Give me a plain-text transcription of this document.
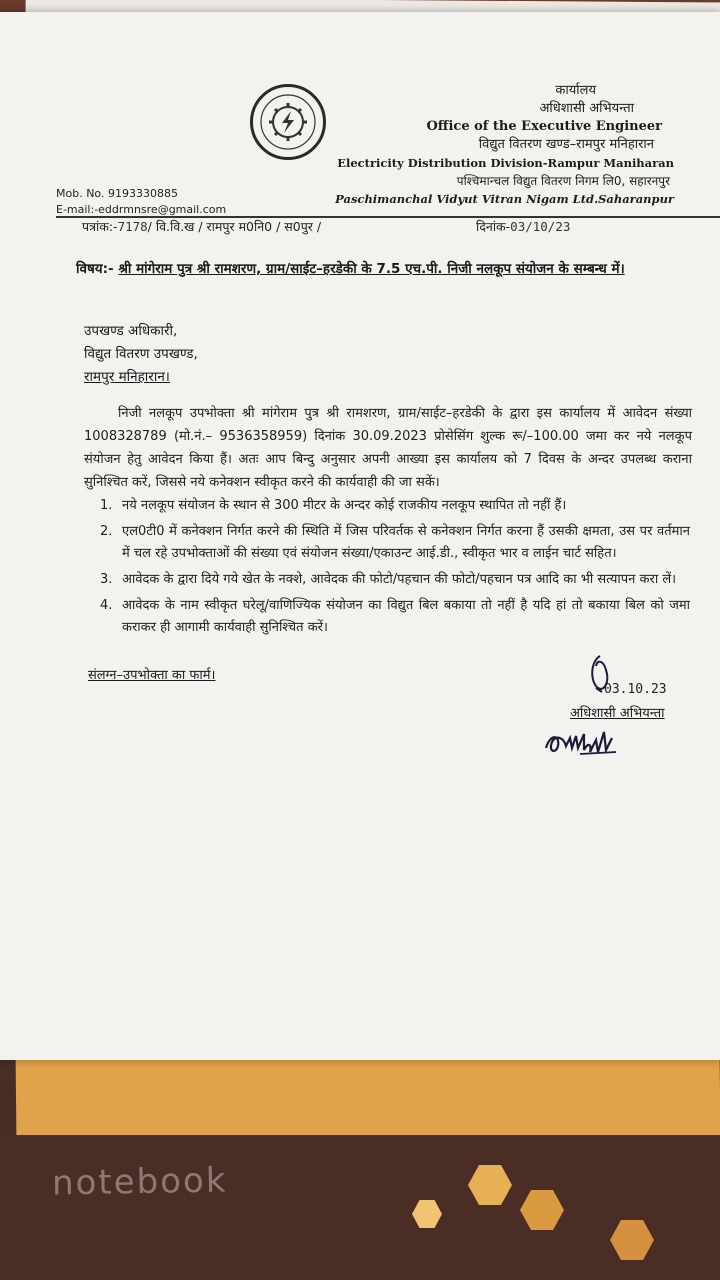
notebook
कार्यालय
अधिशासी अभियन्ता
Office of the Executive Engineer
विद्युत वितरण खण्ड–रामपुर मनिहारान
Electricity Distribution Division-Rampur Maniharan
पश्चिमान्चल विद्युत वितरण निगम लि0, सहारनपुर
Paschimanchal Vidyut Vitran Nigam Ltd.Saharanpur
Mob. No. 9193330885
E-mail:-eddrmnsre@gmail.com
पत्रांक:-7178/ वि.वि.ख / रामपुर म0नि0 / स0पुर /	दिनांक-03/10/23
विषय:- श्री मांगेराम पुत्र श्री रामशरण, ग्राम/साईट–हरडेकी के 7.5 एच.पी. निजी नलकूप संयोजन के सम्बन्ध में।
उपखण्ड अधिकारी,
विद्युत वितरण उपखण्ड,
रामपुर मनिहारान।
निजी नलकूप उपभोक्ता श्री मांगेराम पुत्र श्री रामशरण, ग्राम/साईट–हरडेकी के द्वारा इस कार्यालय में आवेदन संख्या 1008328789 (मो.नं.– 9536358959) दिनांक 30.09.2023 प्रोसेसिंग शुल्क रू/–100.00 जमा कर नये नलकूप संयोजन हेतु आवेदन किया हैं। अतः आप बिन्दु अनुसार अपनी आख्या इस कार्यालय को 7 दिवस के अन्दर उपलब्ध कराना सुनिश्चित करें, जिससे नये कनेक्शन स्वीकृत करने की कार्यवाही की जा सकें।
1. नये नलकूप संयोजन के स्थान से 300 मीटर के अन्दर कोई राजकीय नलकूप स्थापित तो नहीं हैं।
2. एल0टी0 में कनेक्शन निर्गत करने की स्थिति में जिस परिवर्तक से कनेक्शन निर्गत करना हैं उसकी क्षमता, उस पर वर्तमान में चल रहे उपभोक्ताओं की संख्या एवं संयोजन संख्या/एकाउन्ट आई.डी., स्वीकृत भार व लाईन चार्ट सहित।
3. आवेदक के द्वारा दिये गये खेत के नक्शे, आवेदक की फोटो/पहचान की फोटो/पहचान पत्र आदि का भी सत्यापन करा लें।
4. आवेदक के नाम स्वीकृत घरेलू/वाणिज्यिक संयोजन का विद्युत बिल बकाया तो नहीं है यदि हां तो बकाया बिल को जमा कराकर ही आगामी कार्यवाही सुनिश्चित करें।
संलग्न–उपभोक्ता का फार्म।
03.10.23
अधिशासी अभियन्ता
